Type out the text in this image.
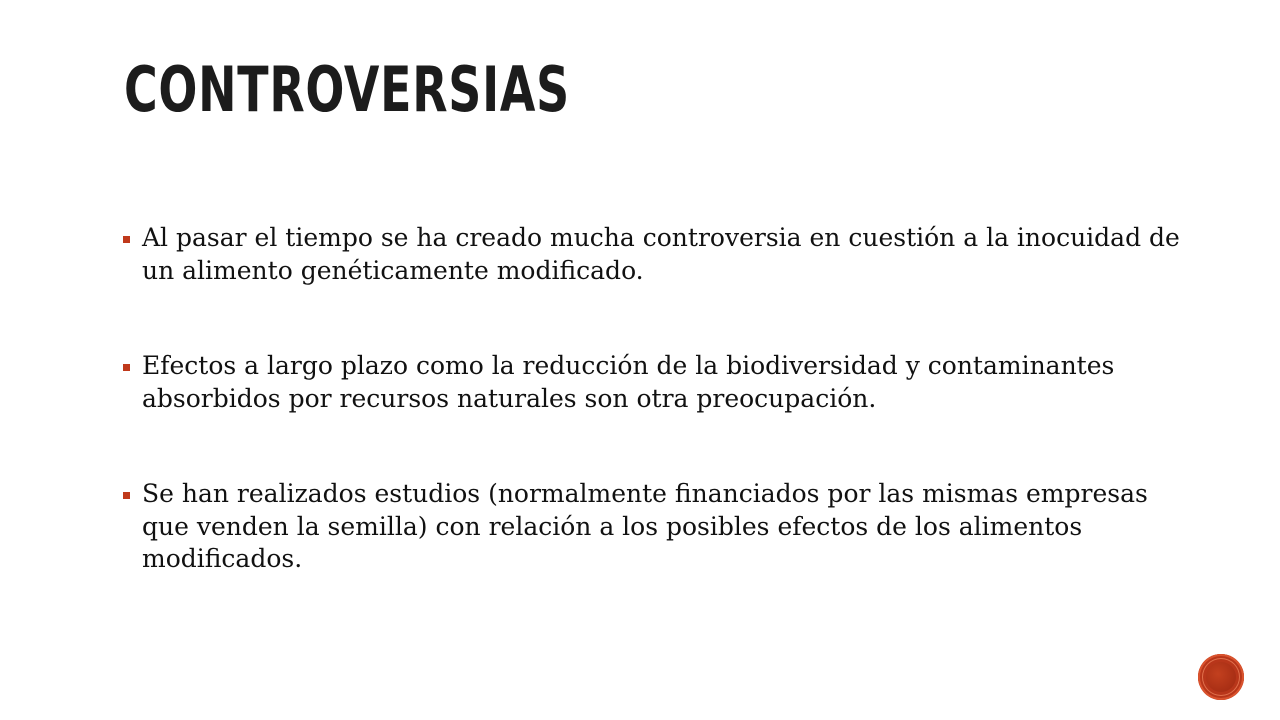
CONTROVERSIAS
Al pasar el tiempo se ha creado mucha controversia en cuestión a la inocuidad de un alimento genéticamente modificado.
Efectos a largo plazo como la reducción de la biodiversidad y contaminantes absorbidos por recursos naturales son otra preocupación.
Se han realizados estudios (normalmente financiados por las mismas empresas que venden la semilla) con relación a los posibles efectos de los alimentos modificados.
